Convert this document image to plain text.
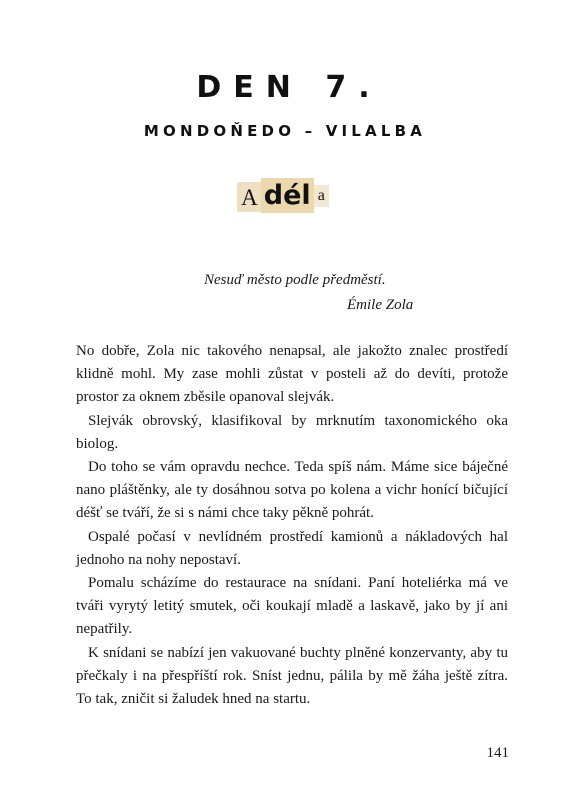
DEN 7.
MONDOŇEDO – VILALBA
A dél a
Nesuď město podle předměstí.
Émile Zola

No dobře, Zola nic takového nenapsal, ale jakožto znalec prostředí klidně mohl. My zase mohli zůstat v posteli až do devíti, protože prostor za oknem zběsile opanoval slejvák.

Slejvák obrovský, klasifikoval by mrknutím taxonomického oka biolog.

Do toho se vám opravdu nechce. Teda spíš nám. Máme sice báječné nano pláštěnky, ale ty dosáhnou sotva po kolena a vichr honící bičující déšť se tváří, že si s námi chce taky pěkně pohrát.

Ospalé počasí v nevlídném prostředí kamionů a nákladových hal jednoho na nohy nepostaví.

Pomalu scházíme do restaurace na snídani. Paní hoteliérka má ve tváři vyrytý letitý smutek, oči koukají mladě a laskavě, jako by jí ani nepatřily.

K snídani se nabízí jen vakuované buchty plněné konzervanty, aby tu přečkaly i na přespříští rok. Sníst jednu, pálila by mě žáha ještě zítra. To tak, zničit si žaludek hned na startu.

141
